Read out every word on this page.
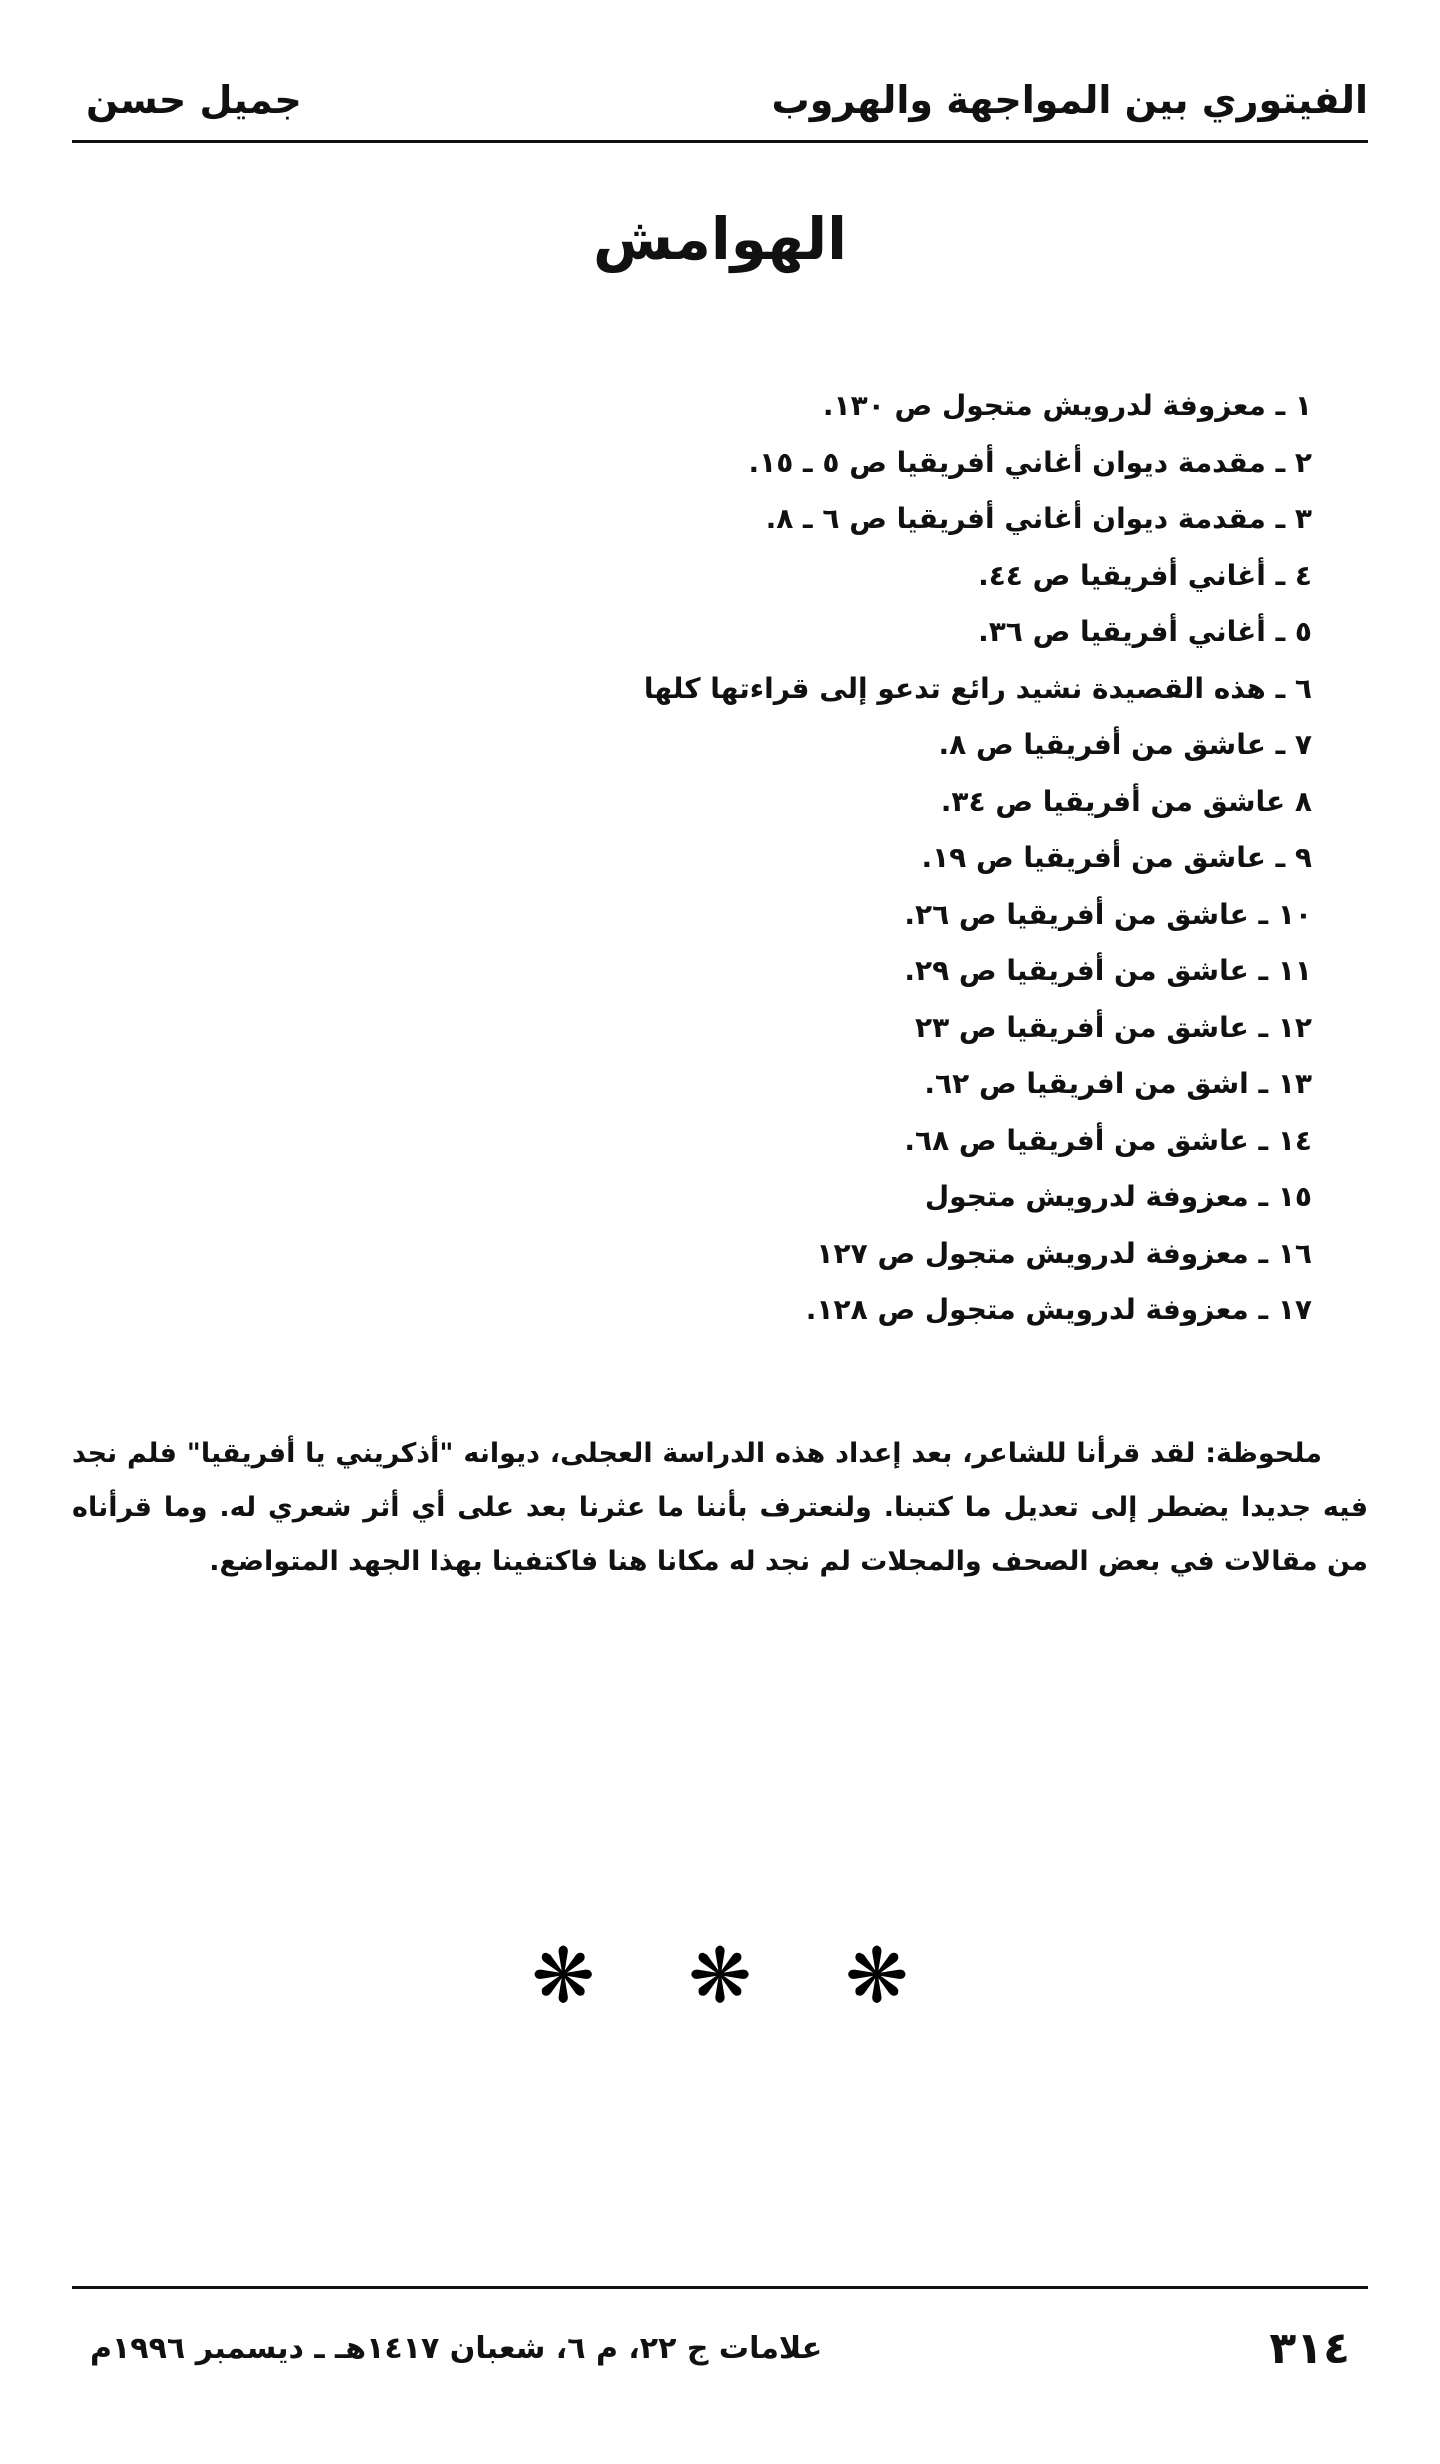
الفيتوري بين المواجهة والهروب
جميل حسن
الهوامش
١ ـ معزوفة لدرويش متجول ص ١٣٠.
٢ ـ مقدمة ديوان أغاني أفريقيا ص ٥ ـ ١٥.
٣ ـ مقدمة ديوان أغاني أفريقيا ص ٦ ـ ٨.
٤ ـ أغاني أفريقيا ص ٤٤.
٥ ـ أغاني أفريقيا ص ٣٦.
٦ ـ هذه القصيدة نشيد رائع تدعو إلى قراءتها كلها
٧ ـ عاشق من أفريقيا ص ٨.
٨ عاشق من أفريقيا ص ٣٤.
٩ ـ عاشق من أفريقيا ص ١٩.
١٠ ـ عاشق من أفريقيا ص ٢٦.
١١ ـ عاشق من أفريقيا ص ٢٩.
١٢ ـ عاشق من أفريقيا ص ٢٣
١٣ ـ اشق من افريقيا ص ٦٢.
١٤ ـ عاشق من أفريقيا ص ٦٨.
١٥ ـ معزوفة لدرويش متجول
١٦ ـ معزوفة لدرويش متجول ص ١٢٧
١٧ ـ معزوفة لدرويش متجول ص ١٢٨.

ملحوظة: لقد قرأنا للشاعر، بعد إعداد هذه الدراسة العجلى، ديوانه "أذكريني يا أفريقيا" فلم نجد فيه جديدا يضطر إلى تعديل ما كتبنا. ولنعترف بأننا ما عثرنا بعد على أي أثر شعري له. وما قرأناه من مقالات في بعض الصحف والمجلات لم نجد له مكانا هنا فاكتفينا بهذا الجهد المتواضع.

❋ ❋ ❋
٣١٤
علامات ج ٢٢، م ٦، شعبان ١٤١٧هـ ـ ديسمبر ١٩٩٦م
